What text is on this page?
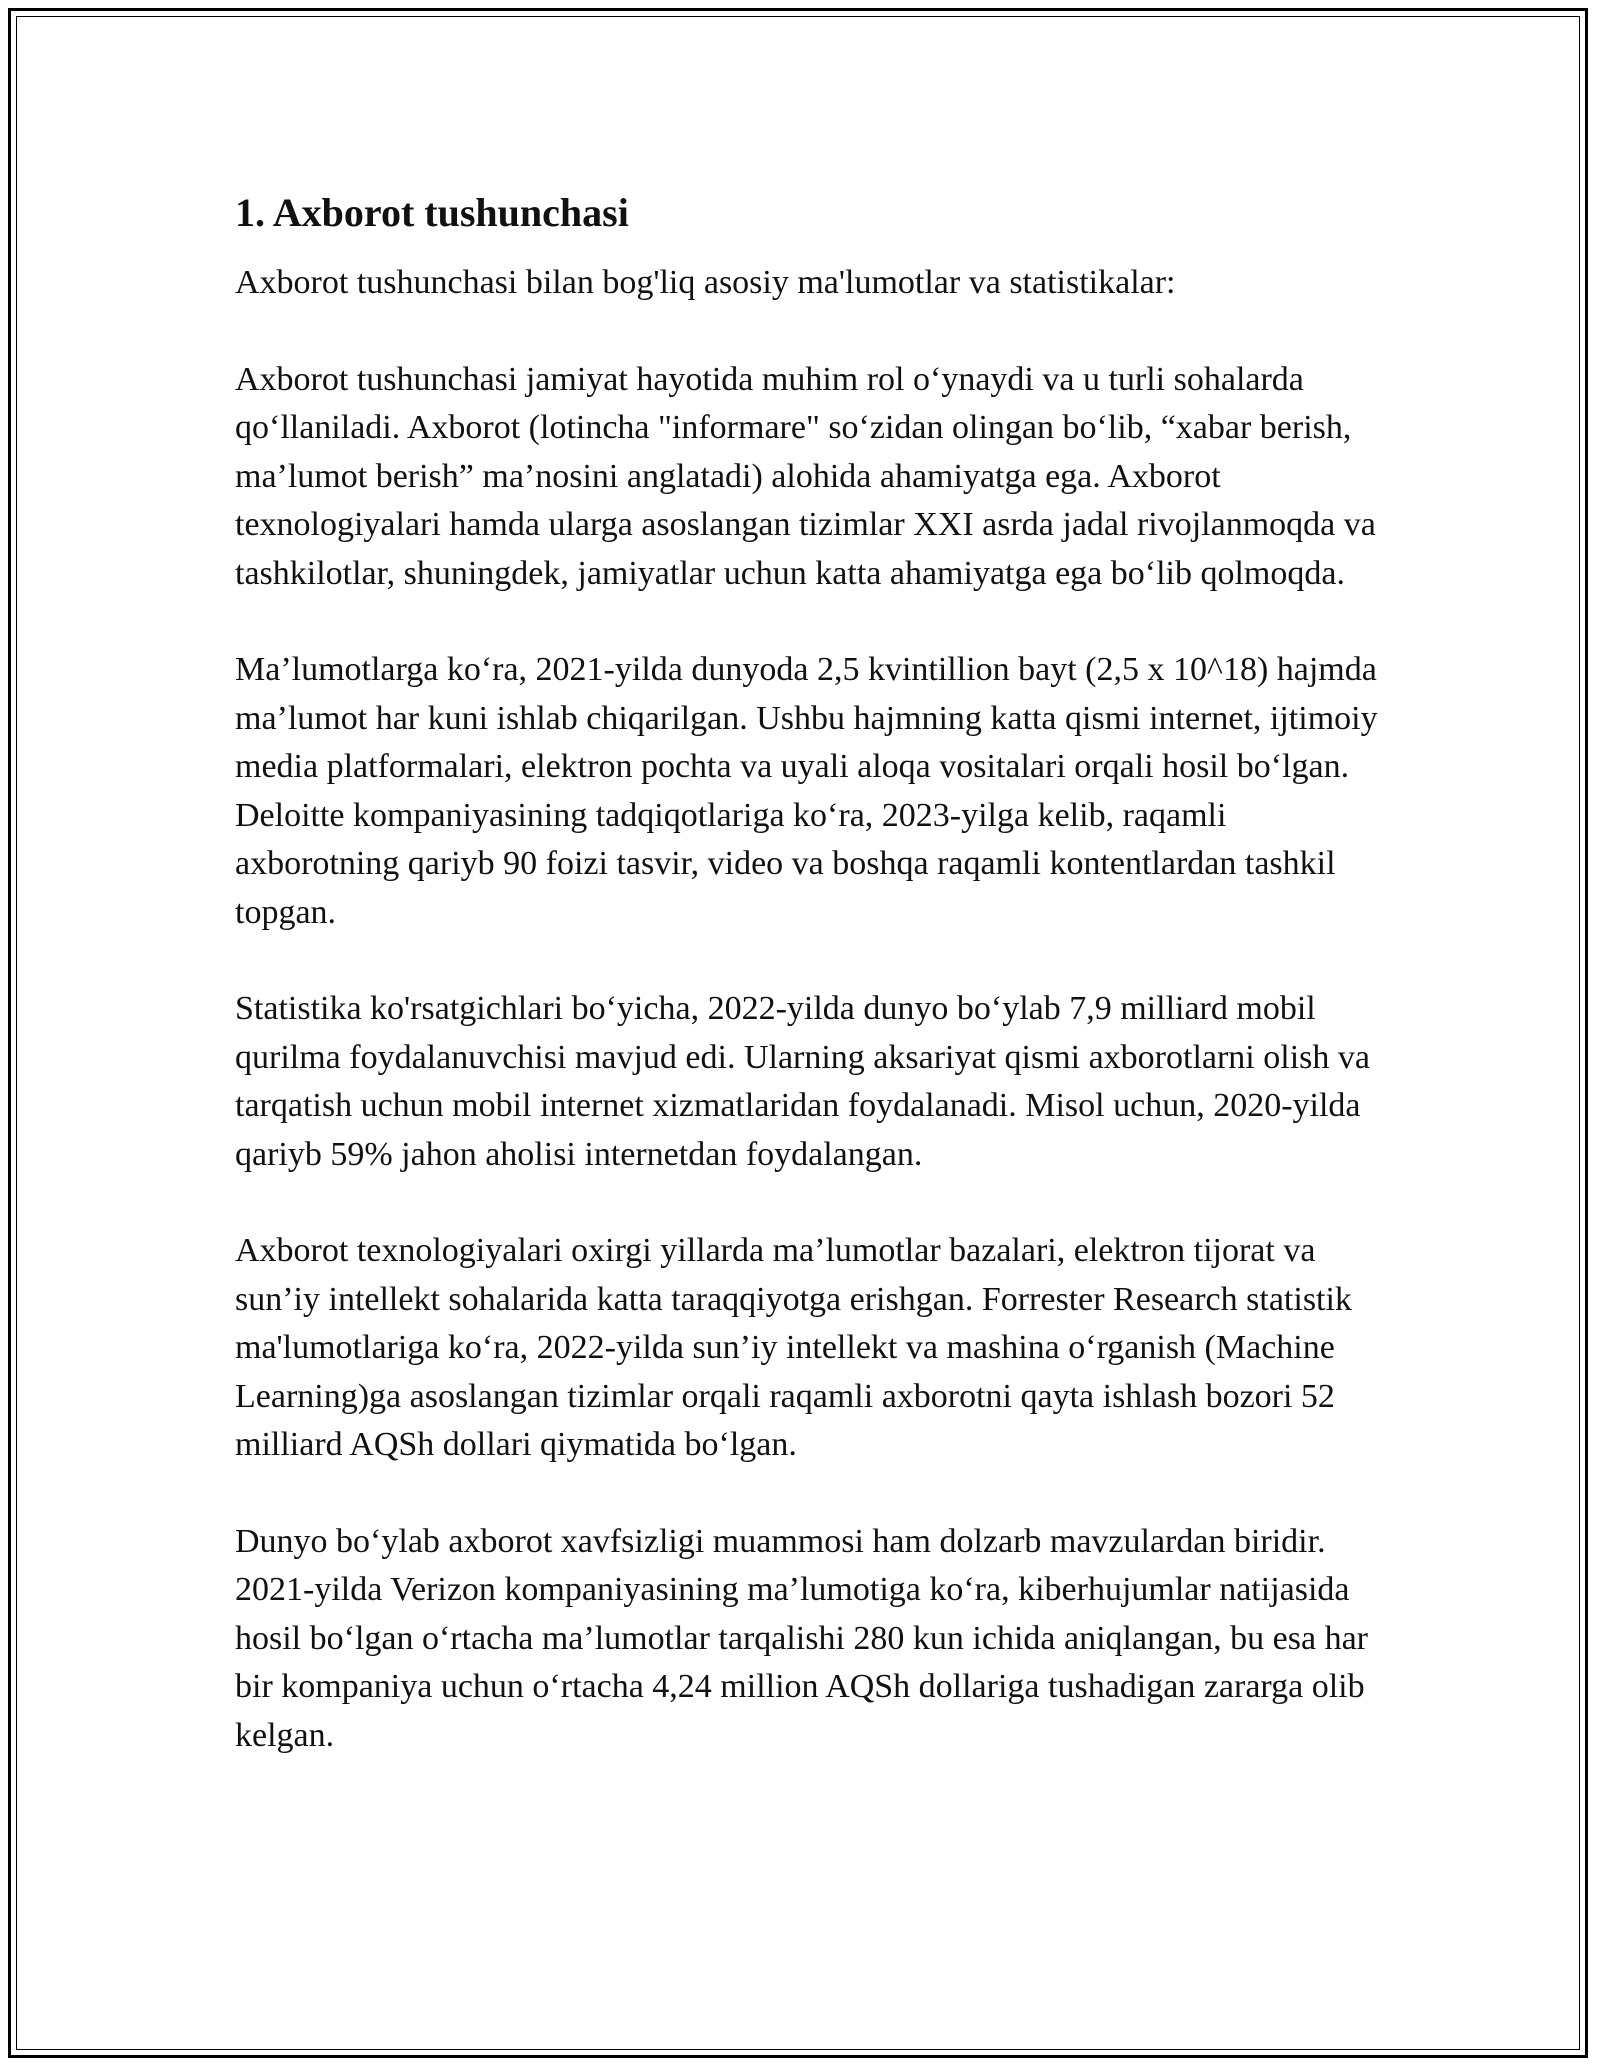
1. Axborot tushunchasi

Axborot tushunchasi bilan bog'liq asosiy ma'lumotlar va statistikalar:

Axborot tushunchasi jamiyat hayotida muhim rol o‘ynaydi va u turli sohalarda qo‘llaniladi. Axborot (lotincha "informare" so‘zidan olingan bo‘lib, “xabar berish, ma’lumot berish” ma’nosini anglatadi) alohida ahamiyatga ega. Axborot texnologiyalari hamda ularga asoslangan tizimlar XXI asrda jadal rivojlanmoqda va tashkilotlar, shuningdek, jamiyatlar uchun katta ahamiyatga ega bo‘lib qolmoqda.

Ma’lumotlarga ko‘ra, 2021-yilda dunyoda 2,5 kvintillion bayt (2,5 x 10^18) hajmda ma’lumot har kuni ishlab chiqarilgan. Ushbu hajmning katta qismi internet, ijtimoiy media platformalari, elektron pochta va uyali aloqa vositalari orqali hosil bo‘lgan. Deloitte kompaniyasining tadqiqotlariga ko‘ra, 2023-yilga kelib, raqamli axborotning qariyb 90 foizi tasvir, video va boshqa raqamli kontentlardan tashkil topgan.

Statistika ko'rsatgichlari bo‘yicha, 2022-yilda dunyo bo‘ylab 7,9 milliard mobil qurilma foydalanuvchisi mavjud edi. Ularning aksariyat qismi axborotlarni olish va tarqatish uchun mobil internet xizmatlaridan foydalanadi. Misol uchun, 2020-yilda qariyb 59% jahon aholisi internetdan foydalangan.

Axborot texnologiyalari oxirgi yillarda ma’lumotlar bazalari, elektron tijorat va sun’iy intellekt sohalarida katta taraqqiyotga erishgan. Forrester Research statistik ma'lumotlariga ko‘ra, 2022-yilda sun’iy intellekt va mashina o‘rganish (Machine Learning)ga asoslangan tizimlar orqali raqamli axborotni qayta ishlash bozori 52 milliard AQSh dollari qiymatida bo‘lgan.

Dunyo bo‘ylab axborot xavfsizligi muammosi ham dolzarb mavzulardan biridir. 2021-yilda Verizon kompaniyasining ma’lumotiga ko‘ra, kiberhujumlar natijasida hosil bo‘lgan o‘rtacha ma’lumotlar tarqalishi 280 kun ichida aniqlangan, bu esa har bir kompaniya uchun o‘rtacha 4,24 million AQSh dollariga tushadigan zararga olib kelgan.
